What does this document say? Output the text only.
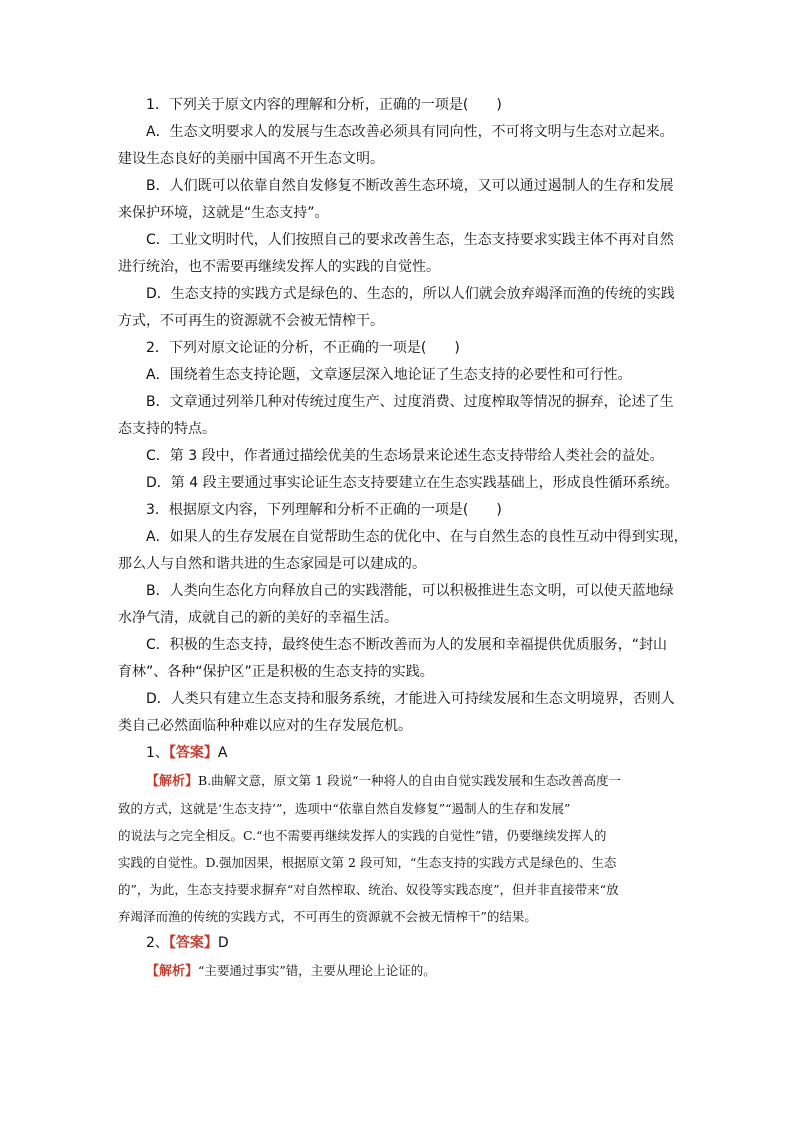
1．下列关于原文内容的理解和分析，正确的一项是(　　)

A．生态文明要求人的发展与生态改善必须具有同向性，不可将文明与生态对立起来。

建设生态良好的美丽中国离不开生态文明。

B．人们既可以依靠自然自发修复不断改善生态环境，又可以通过遏制人的生存和发展

来保护环境，这就是“生态支持”。

C．工业文明时代，人们按照自己的要求改善生态，生态支持要求实践主体不再对自然

进行统治，也不需要再继续发挥人的实践的自觉性。

D．生态支持的实践方式是绿色的、生态的，所以人们就会放弃竭泽而渔的传统的实践

方式，不可再生的资源就不会被无情榨干。

2．下列对原文论证的分析，不正确的一项是(　　)

A．围绕着生态支持论题，文章逐层深入地论证了生态支持的必要性和可行性。

B．文章通过列举几种对传统过度生产、过度消费、过度榨取等情况的摒弃，论述了生

态支持的特点。

C．第 3 段中，作者通过描绘优美的生态场景来论述生态支持带给人类社会的益处。

D．第 4 段主要通过事实论证生态支持要建立在生态实践基础上，形成良性循环系统。

3．根据原文内容，下列理解和分析不正确的一项是(　　)

A．如果人的生存发展在自觉帮助生态的优化中、在与自然生态的良性互动中得到实现，

那么人与自然和谐共进的生态家园是可以建成的。

B．人类向生态化方向释放自己的实践潜能，可以积极推进生态文明，可以使天蓝地绿

水净气清，成就自己的新的美好的幸福生活。

C．积极的生态支持，最终使生态不断改善而为人的发展和幸福提供优质服务，“封山

育林”、各种“保护区”正是积极的生态支持的实践。

D．人类只有建立生态支持和服务系统，才能进入可持续发展和生态文明境界，否则人

类自己必然面临种种难以应对的生存发展危机。

1、【答案】A

【解析】B.曲解文意，原文第 1 段说“一种将人的自由自觉实践发展和生态改善高度一

致的方式，这就是‘生态支持’”，选项中“依靠自然自发修复”“遏制人的生存和发展”

的说法与之完全相反。C.“也不需要再继续发挥人的实践的自觉性”错，仍要继续发挥人的

实践的自觉性。D.强加因果，根据原文第 2 段可知，“生态支持的实践方式是绿色的、生态

的”，为此，生态支持要求摒弃“对自然榨取、统治、奴役等实践态度”，但并非直接带来“放

弃竭泽而渔的传统的实践方式，不可再生的资源就不会被无情榨干”的结果。

2、【答案】D

【解析】“主要通过事实”错，主要从理论上论证的。
